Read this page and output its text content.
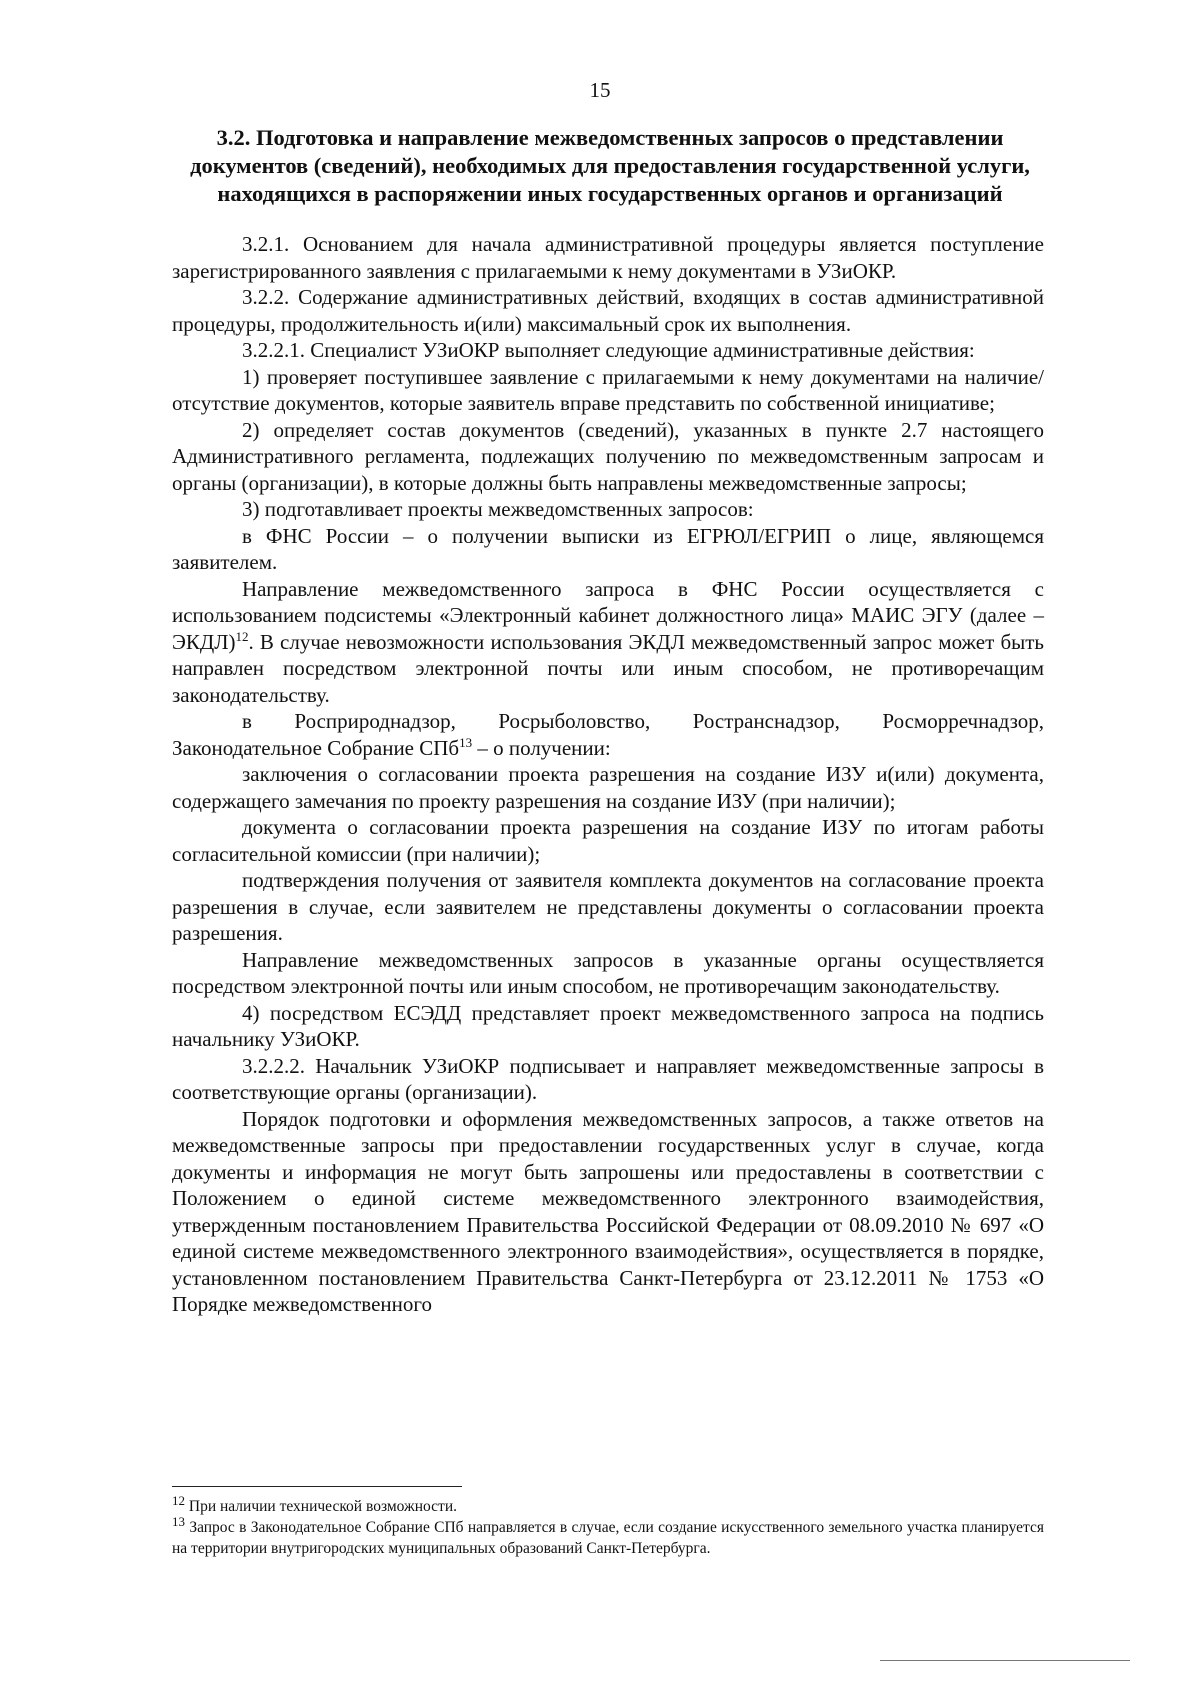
15
3.2. Подготовка и направление межведомственных запросов о представлении документов (сведений), необходимых для предоставления государственной услуги, находящихся в распоряжении иных государственных органов и организаций

3.2.1. Основанием для начала административной процедуры является поступление зарегистрированного заявления с прилагаемыми к нему документами в УЗиОКР.

3.2.2. Содержание административных действий, входящих в состав административной процедуры, продолжительность и(или) максимальный срок их выполнения.

3.2.2.1. Специалист УЗиОКР выполняет следующие административные действия:

1) проверяет поступившее заявление с прилагаемыми к нему документами на наличие/отсутствие документов, которые заявитель вправе представить по собственной инициативе;

2) определяет состав документов (сведений), указанных в пункте 2.7 настоящего Административного регламента, подлежащих получению по межведомственным запросам и органы (организации), в которые должны быть направлены межведомственные запросы;

3) подготавливает проекты межведомственных запросов:

в ФНС России – о получении выписки из ЕГРЮЛ/ЕГРИП о лице, являющемся заявителем.

Направление межведомственного запроса в ФНС России осуществляется с использованием подсистемы «Электронный кабинет должностного лица» МАИС ЭГУ (далее – ЭКДЛ)$^{12}$. В случае невозможности использования ЭКДЛ межведомственный запрос может быть направлен посредством электронной почты или иным способом, не противоречащим законодательству.

в Росприроднадзор, Росрыболовство, Ространснадзор, Росморречнадзор, Законодательное Собрание СПб$^{13}$ – о получении:

заключения о согласовании проекта разрешения на создание ИЗУ и(или) документа, содержащего замечания по проекту разрешения на создание ИЗУ (при наличии);

документа о согласовании проекта разрешения на создание ИЗУ по итогам работы согласительной комиссии (при наличии);

подтверждения получения от заявителя комплекта документов на согласование проекта разрешения в случае, если заявителем не представлены документы о согласовании проекта разрешения.

Направление межведомственных запросов в указанные органы осуществляется посредством электронной почты или иным способом, не противоречащим законодательству.

4) посредством ЕСЭДД представляет проект межведомственного запроса на подпись начальнику УЗиОКР.

3.2.2.2. Начальник УЗиОКР подписывает и направляет межведомственные запросы в соответствующие органы (организации).

Порядок подготовки и оформления межведомственных запросов, а также ответов на межведомственные запросы при предоставлении государственных услуг в случае, когда документы и информация не могут быть запрошены или предоставлены в соответствии с Положением о единой системе межведомственного электронного взаимодействия, утвержденным постановлением Правительства Российской Федерации от 08.09.2010 № 697 «О единой системе межведомственного электронного взаимодействия», осуществляется в порядке, установленном постановлением Правительства Санкт-Петербурга от 23.12.2011 № 1753 «О Порядке межведомственного

$^{12}$ При наличии технической возможности.

$^{13}$ Запрос в Законодательное Собрание СПб направляется в случае, если создание искусственного земельного участка планируется на территории внутригородских муниципальных образований Санкт-Петербурга.
